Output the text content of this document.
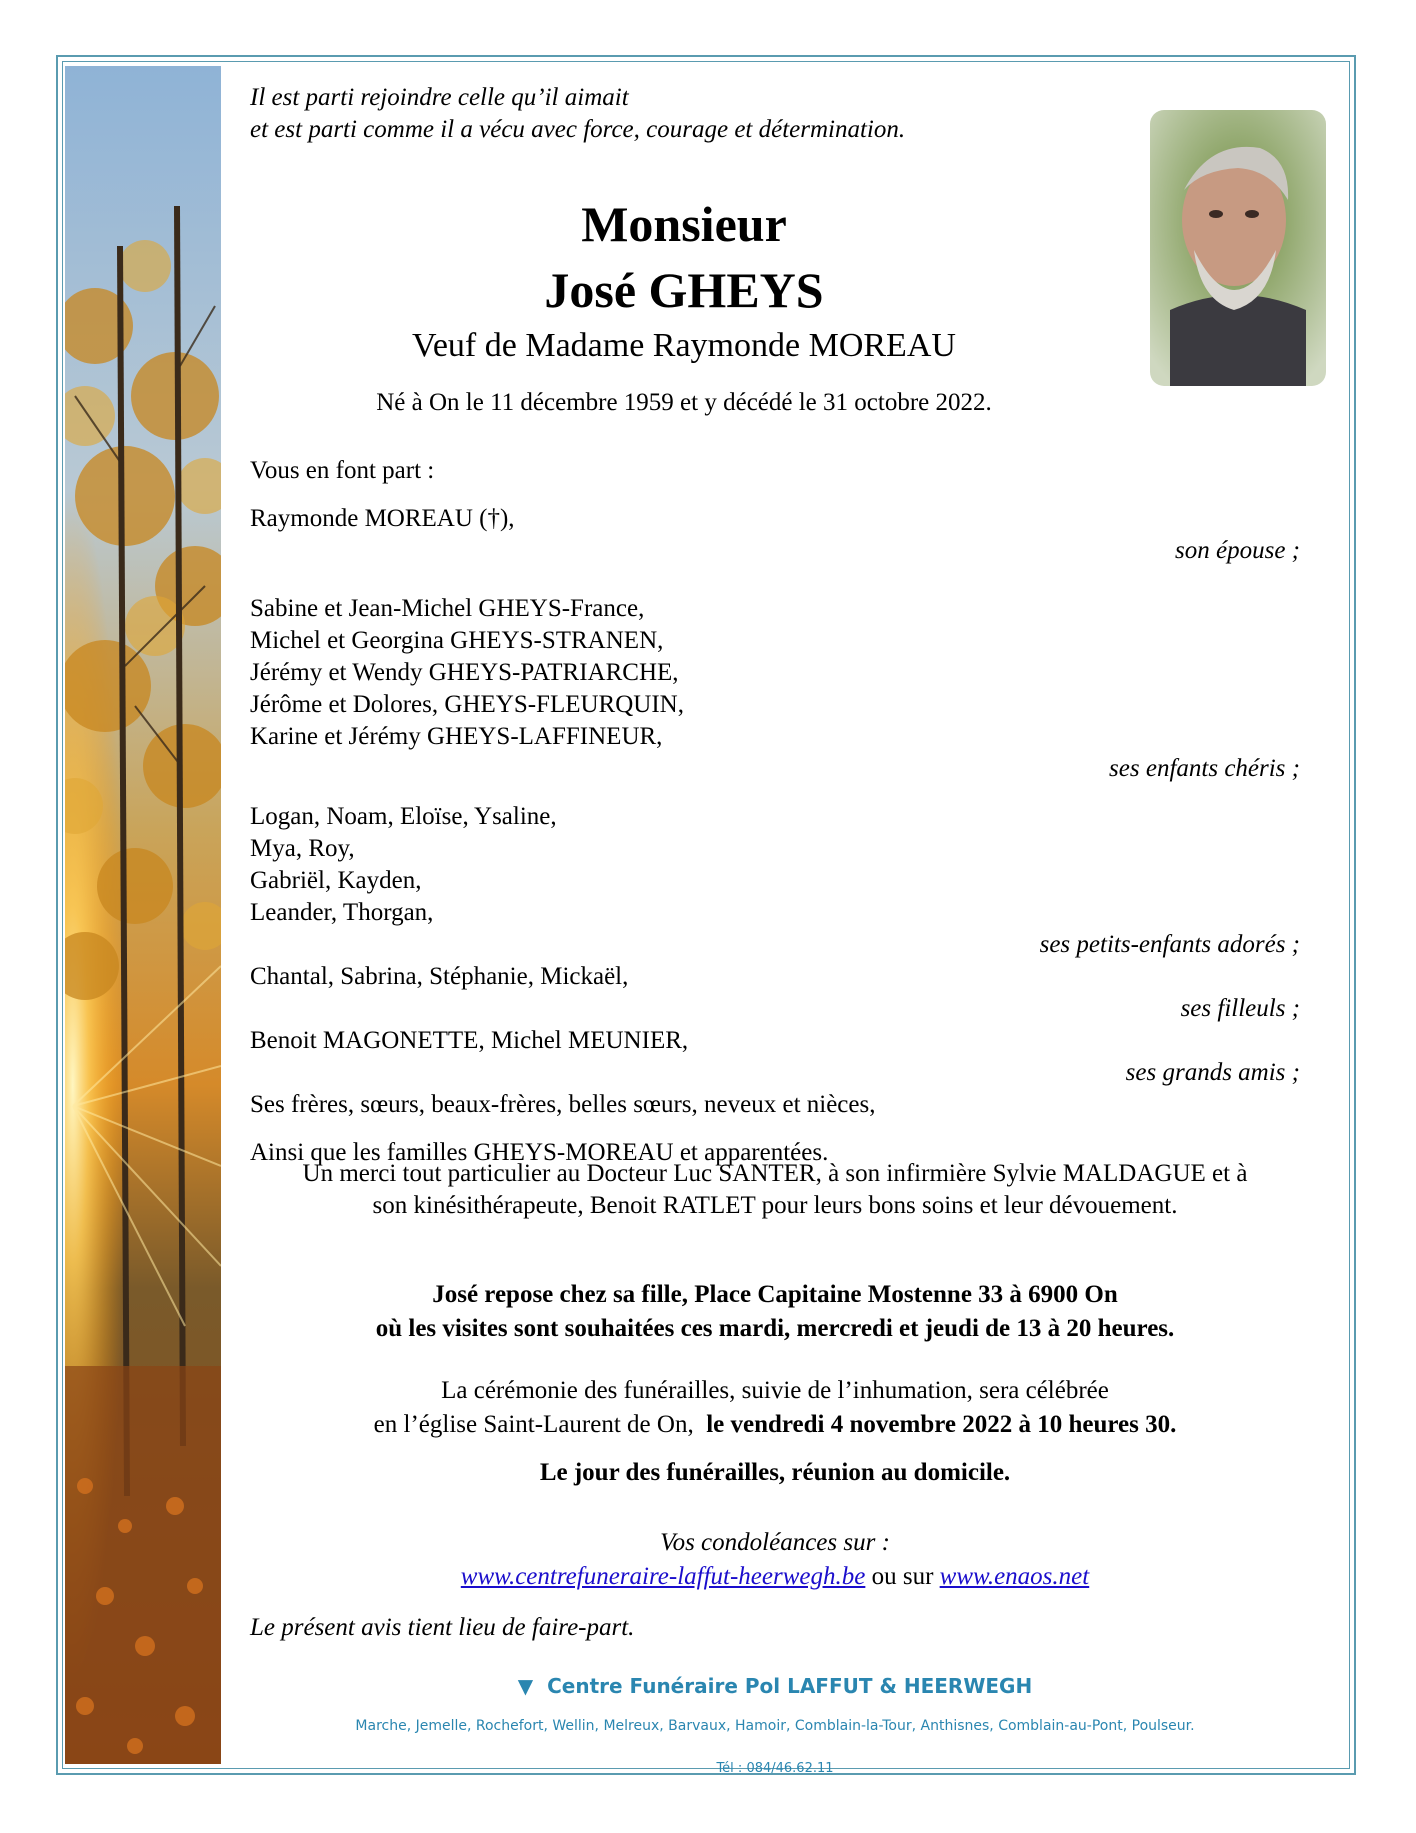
Il est parti rejoindre celle qu’il aimait
et est parti comme il a vécu avec force, courage et détermination.
Monsieur
José GHEYS
Veuf de Madame Raymonde MOREAU
Né à On le 11 décembre 1959 et y décédé le 31 octobre 2022.
Vous en font part :
Raymonde MOREAU (†),
son épouse ;
Sabine et Jean-Michel GHEYS-France,
Michel et Georgina GHEYS-STRANEN,
Jérémy et Wendy GHEYS-PATRIARCHE,
Jérôme et Dolores, GHEYS-FLEURQUIN,
Karine et Jérémy GHEYS-LAFFINEUR,
ses enfants chéris ;
Logan, Noam, Eloïse, Ysaline,
Mya, Roy,
Gabriël, Kayden,
Leander, Thorgan,
ses petits-enfants adorés ;
Chantal, Sabrina, Stéphanie, Mickaël,
ses filleuls ;
Benoit MAGONETTE, Michel MEUNIER,
ses grands amis ;
Ses frères, sœurs, beaux-frères, belles sœurs, neveux et nièces,
Ainsi que les familles GHEYS-MOREAU et apparentées.
Un merci tout particulier au Docteur Luc SANTER, à son infirmière Sylvie MALDAGUE et à
son kinésithérapeute, Benoit RATLET pour leurs bons soins et leur dévouement.
José repose chez sa fille, Place Capitaine Mostenne 33 à 6900 On
où les visites sont souhaitées ces mardi, mercredi et jeudi de 13 à 20 heures.
La cérémonie des funérailles, suivie de l’inhumation, sera célébrée
en l’église Saint-Laurent de On, le vendredi 4 novembre 2022 à 10 heures 30.
Le jour des funérailles, réunion au domicile.
Vos condoléances sur :
www.centrefuneraire-laffut-heerwegh.be ou sur www.enaos.net
Le présent avis tient lieu de faire-part.
▼ Centre Funéraire Pol LAFFUT & HEERWEGH
Marche, Jemelle, Rochefort, Wellin, Melreux, Barvaux, Hamoir, Comblain-la-Tour, Anthisnes, Comblain-au-Pont, Poulseur.
Tél : 084/46.62.11
